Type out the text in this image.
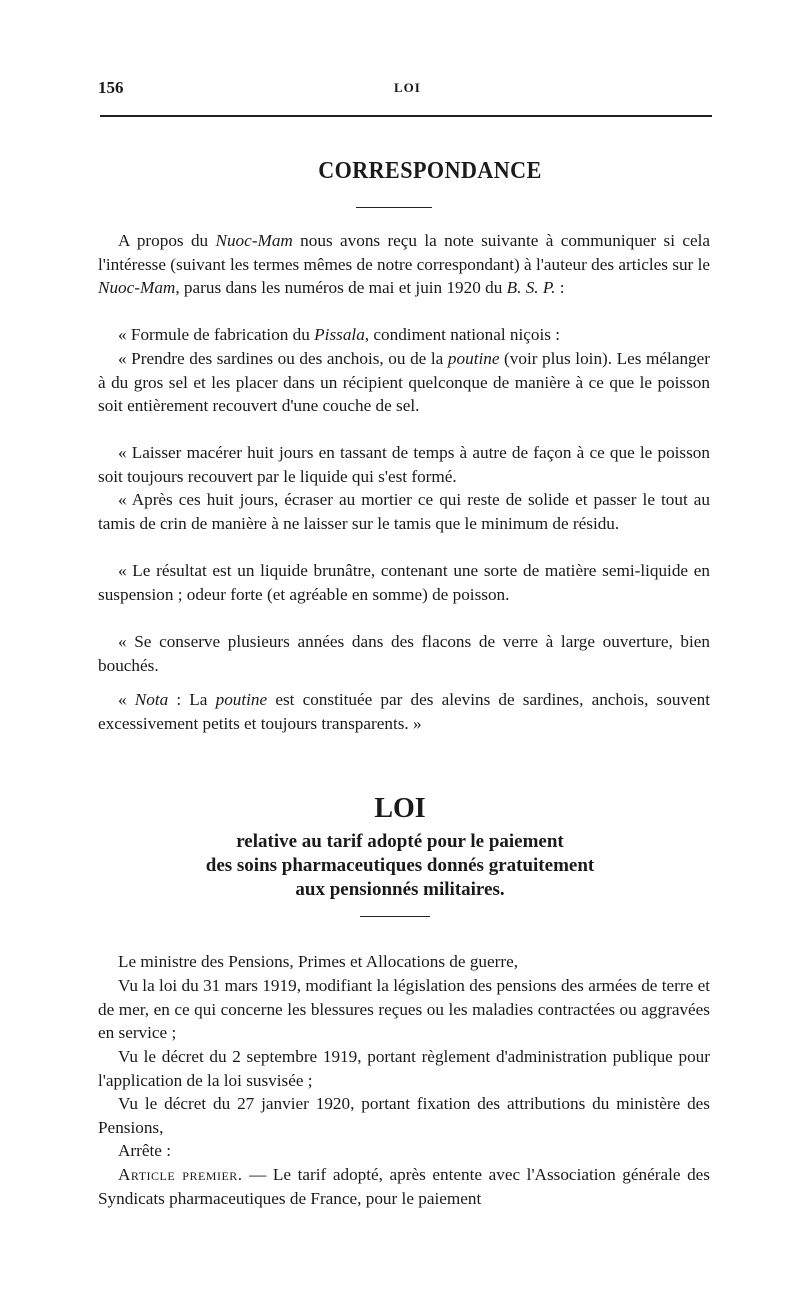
156	LOI
CORRESPONDANCE

A propos du Nuoc-Mam nous avons reçu la note suivante à communiquer si cela l'intéresse (suivant les termes mêmes de notre correspondant) à l'auteur des articles sur le Nuoc-Mam, parus dans les numéros de mai et juin 1920 du B. S. P. :

« Formule de fabrication du Pissala, condiment national niçois :

« Prendre des sardines ou des anchois, ou de la poutine (voir plus loin). Les mélanger à du gros sel et les placer dans un récipient quelconque de manière à ce que le poisson soit entièrement recouvert d'une couche de sel.

« Laisser macérer huit jours en tassant de temps à autre de façon à ce que le poisson soit toujours recouvert par le liquide qui s'est formé.

« Après ces huit jours, écraser au mortier ce qui reste de solide et passer le tout au tamis de crin de manière à ne laisser sur le tamis que le minimum de résidu.

« Le résultat est un liquide brunâtre, contenant une sorte de matière semi-liquide en suspension ; odeur forte (et agréable en somme) de poisson.

« Se conserve plusieurs années dans des flacons de verre à large ouverture, bien bouchés.

« Nota : La poutine est constituée par des alevins de sardines, anchois, souvent excessivement petits et toujours transparents. »

LOI
relative au tarif adopté pour le paiement
des soins pharmaceutiques donnés gratuitement
aux pensionnés militaires.

Le ministre des Pensions, Primes et Allocations de guerre,

Vu la loi du 31 mars 1919, modifiant la législation des pensions des armées de terre et de mer, en ce qui concerne les blessures reçues ou les maladies contractées ou aggravées en service ;

Vu le décret du 2 septembre 1919, portant règlement d'administration publique pour l'application de la loi susvisée ;

Vu le décret du 27 janvier 1920, portant fixation des attributions du ministère des Pensions,

Arrête :

Article premier. — Le tarif adopté, après entente avec l'Association générale des Syndicats pharmaceutiques de France, pour le paiement
